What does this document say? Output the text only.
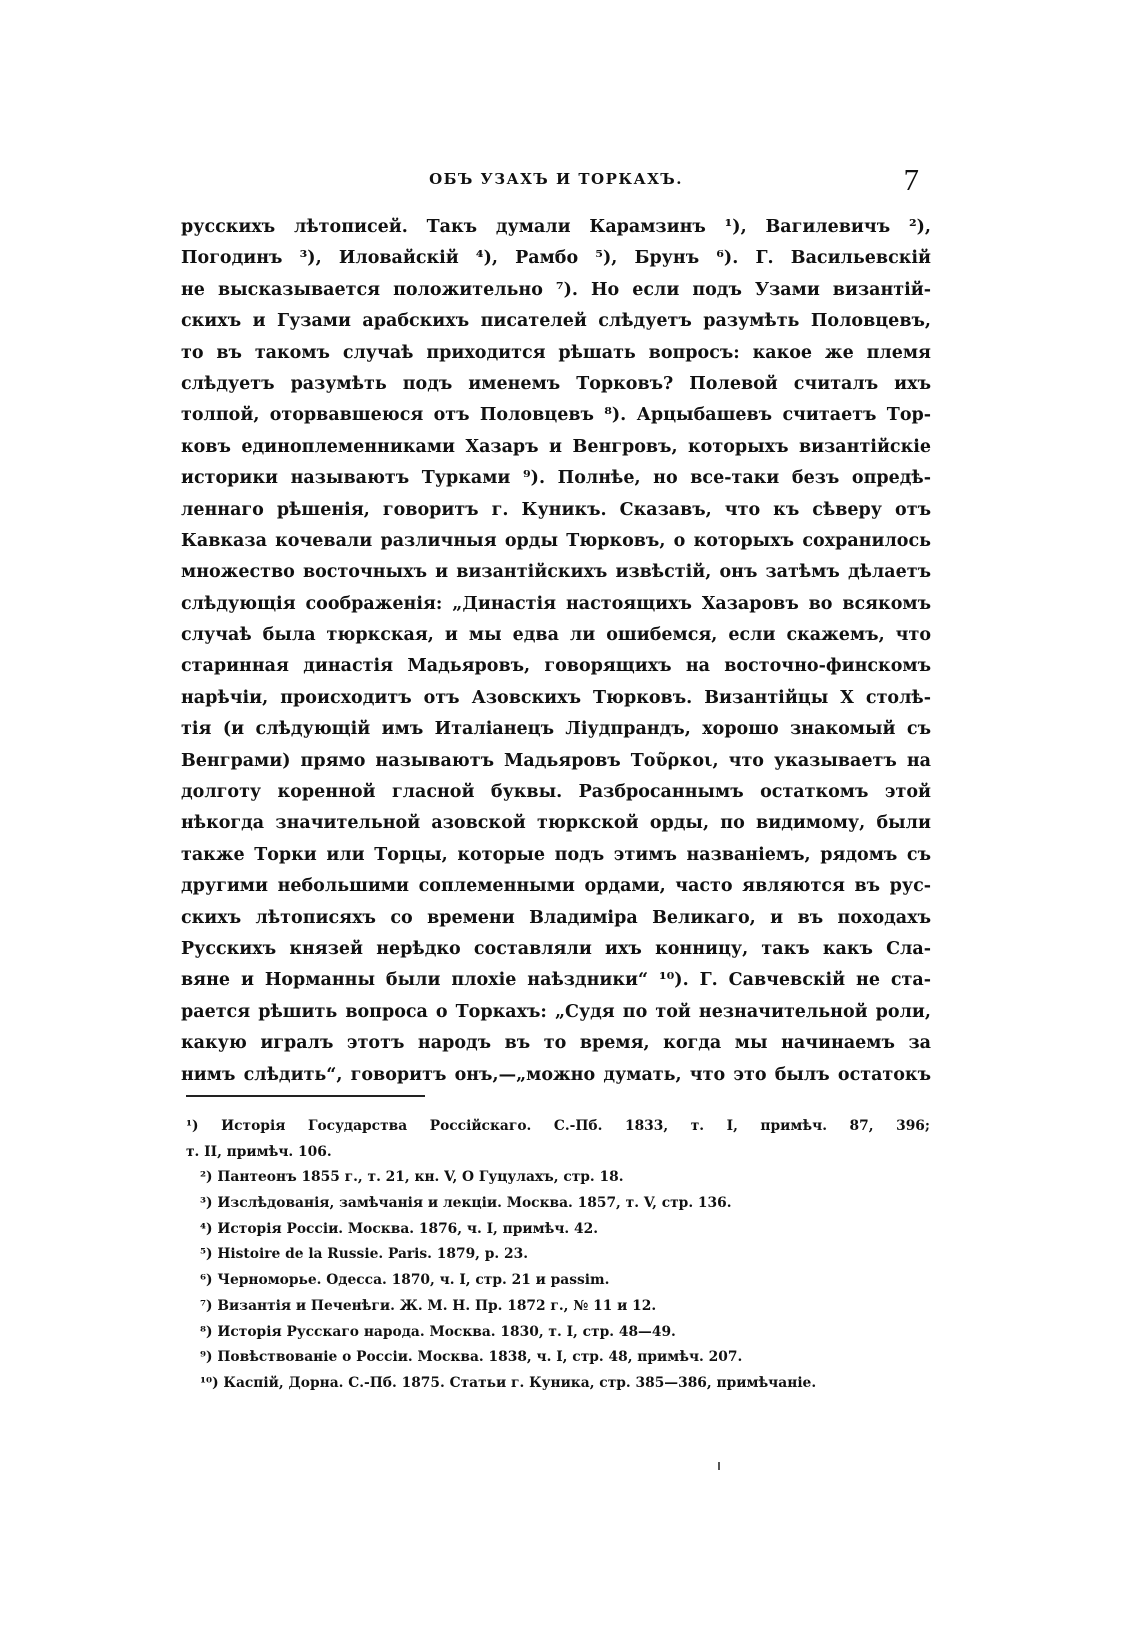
ОБЪ УЗАХЪ И ТОРКАХЪ.	7
русскихъ лѣтописей. Такъ думали Карамзинъ ¹), Вагилевичъ ²),
Погодинъ ³), Иловайскій ⁴), Рамбо ⁵), Брунъ ⁶). Г. Васильевскій
не высказывается положительно ⁷). Но если подъ Узами византій-
скихъ и Гузами арабскихъ писателей слѣдуетъ разумѣть Половцевъ,
то въ такомъ случаѣ приходится рѣшать вопросъ: какое же племя
слѣдуетъ разумѣть подъ именемъ Торковъ? Полевой считалъ ихъ
толпой, оторвавшеюся отъ Половцевъ ⁸). Арцыбашевъ считаетъ Тор-
ковъ единоплеменниками Хазаръ и Венгровъ, которыхъ византійскіе
историки называютъ Турками ⁹). Полнѣе, но все-таки безъ опредѣ-
леннаго рѣшенія, говоритъ г. Куникъ. Сказавъ, что къ сѣверу отъ
Кавказа кочевали различныя орды Тюрковъ, о которыхъ сохранилось
множество восточныхъ и византійскихъ извѣстій, онъ затѣмъ дѣлаетъ
слѣдующія соображенія: „Династія настоящихъ Хазаровъ во всякомъ
случаѣ была тюркская, и мы едва ли ошибемся, если скажемъ, что
старинная династія Мадьяровъ, говорящихъ на восточно-финскомъ
нарѣчіи, происходитъ отъ Азовскихъ Тюрковъ. Византійцы X столѣ-
тія (и слѣдующій имъ Италіанецъ Ліудпрандъ, хорошо знакомый съ
Венграми) прямо называютъ Мадьяровъ Τοῦρκοι, что указываетъ на
долготу коренной гласной буквы. Разбросаннымъ остаткомъ этой
нѣкогда значительной азовской тюркской орды, по видимому, были
также Торки или Торцы, которые подъ этимъ названіемъ, рядомъ съ
другими небольшими соплеменными ордами, часто являются въ рус-
скихъ лѣтописяхъ со времени Владиміра Великаго, и въ походахъ
Русскихъ князей нерѣдко составляли ихъ конницу, такъ какъ Сла-
вяне и Норманны были плохіе наѣздники“ ¹⁰). Г. Савчевскій не ста-
рается рѣшить вопроса о Торкахъ: „Судя по той незначительной роли,
какую игралъ этотъ народъ въ то время, когда мы начинаемъ за
нимъ слѣдить“, говоритъ онъ,—„можно думать, что это былъ остатокъ
¹) Исторія Государства Россійскаго. С.-Пб. 1833, т. I, примѣч. 87, 396;
т. II, примѣч. 106.
²) Пантеонъ 1855 г., т. 21, кн. V, О Гуцулахъ, стр. 18.
³) Изслѣдованія, замѣчанія и лекціи. Москва. 1857, т. V, стр. 136.
⁴) Исторія Россіи. Москва. 1876, ч. I, примѣч. 42.
⁵) Histoire de la Russie. Paris. 1879, p. 23.
⁶) Черноморье. Одесса. 1870, ч. I, стр. 21 и passim.
⁷) Византія и Печенѣги. Ж. М. Н. Пр. 1872 г., № 11 и 12.
⁸) Исторія Русскаго народа. Москва. 1830, т. I, стр. 48—49.
⁹) Повѣствованіе о Россіи. Москва. 1838, ч. I, стр. 48, примѣч. 207.
¹⁰) Каспій, Дорна. С.-Пб. 1875. Статьи г. Куника, стр. 385—386, примѣчаніе.
